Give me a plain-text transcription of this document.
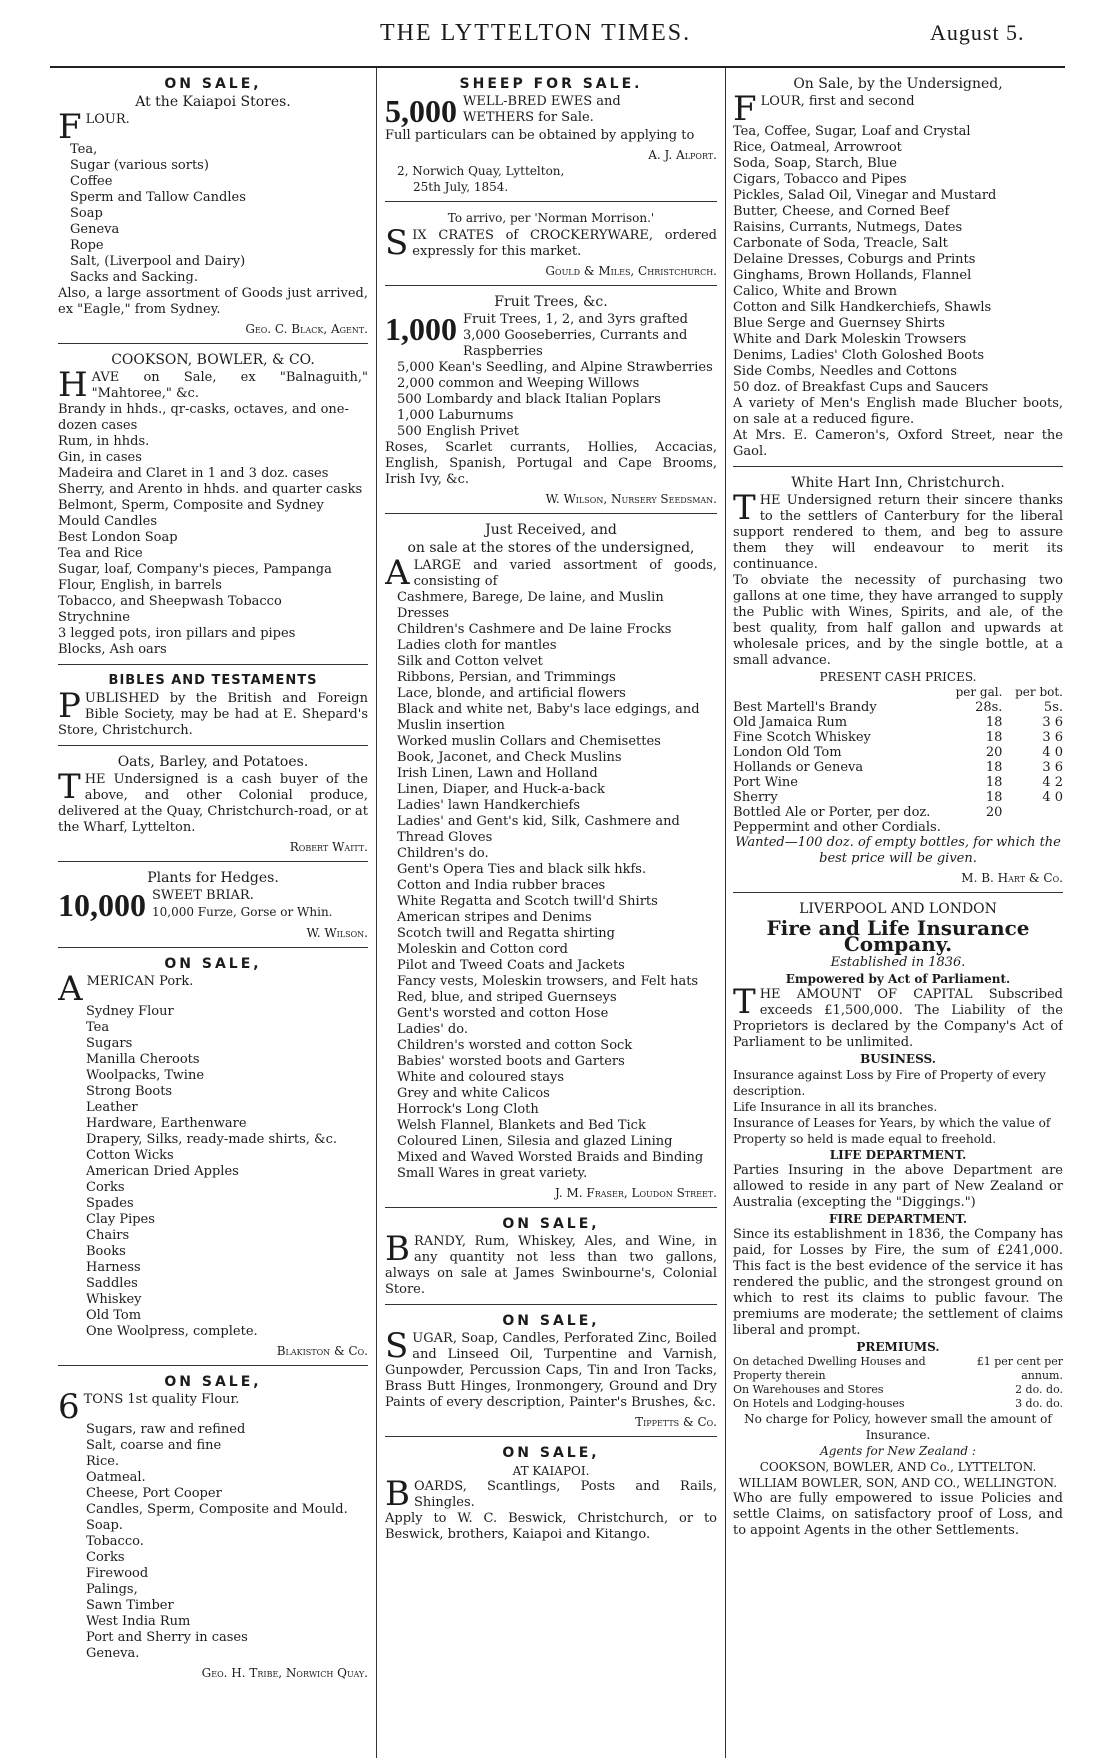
THE LYTTELTON TIMES.	August 5.
ON SALE,
At the Kaiapoi Stores.
FLOUR.
Tea,
Sugar (various sorts)
Coffee
Sperm and Tallow Candles
Soap
Geneva
Rope
Salt, (Liverpool and Dairy)
Sacks and Sacking.
Also, a large assortment of Goods just arrived, ex "Eagle," from Sydney.
Geo. C. Black, Agent.
COOKSON, BOWLER, & CO.
HAVE on Sale, ex "Balnaguith," "Mahtoree," &c.
Brandy in hhds., qr-casks, octaves, and one-dozen cases
Rum, in hhds.
Gin, in cases
Madeira and Claret in 1 and 3 doz. cases
Sherry, and Arento in hhds. and quarter casks
Belmont, Sperm, Composite and Sydney Mould Candles
Best London Soap
Tea and Rice
Sugar, loaf, Company's pieces, Pampanga
Flour, English, in barrels
Tobacco, and Sheepwash Tobacco
Strychnine
3 legged pots, iron pillars and pipes
Blocks, Ash oars
BIBLES AND TESTAMENTS
PUBLISHED by the British and Foreign Bible Society, may be had at E. Shepard's Store, Christchurch.
Oats, Barley, and Potatoes.
THE Undersigned is a cash buyer of the above, and other Colonial produce, delivered at the Quay, Christchurch-road, or at the Wharf, Lyttelton.
Robert Waitt.
Plants for Hedges.
10,000 SWEET BRIAR.
10,000 Furze, Gorse or Whin.
W. Wilson.
ON SALE,
AMERICAN Pork.
Sydney Flour
Tea
Sugars
Manilla Cheroots
Woolpacks, Twine
Strong Boots
Leather
Hardware, Earthenware
Drapery, Silks, ready-made shirts, &c.
Cotton Wicks
American Dried Apples
Corks
Spades
Clay Pipes
Chairs
Books
Harness
Saddles
Whiskey
Old Tom
One Woolpress, complete.
Blakiston & Co.
ON SALE,
6 TONS 1st quality Flour.
Sugars, raw and refined
Salt, coarse and fine
Rice.
Oatmeal.
Cheese, Port Cooper
Candles, Sperm, Composite and Mould.
Soap.
Tobacco.
Corks
Firewood
Palings,
Sawn Timber
West India Rum
Port and Sherry in cases
Geneva.
Geo. H. Tribe, Norwich Quay.
SHEEP FOR SALE.
5,000 WELL-BRED EWES and
WETHERS for Sale.
Full particulars can be obtained by applying to
A. J. Alport.
2, Norwich Quay, Lyttelton,
25th July, 1854.
To arrivo, per 'Norman Morrison.'
SIX CRATES of CROCKERYWARE, ordered expressly for this market.
Gould & Miles, Christchurch.
Fruit Trees, &c.
1,000 Fruit Trees, 1, 2, and 3yrs grafted
3,000 Gooseberries, Currants and Raspberries
5,000 Kean's Seedling, and Alpine Strawberries
2,000 common and Weeping Willows
500 Lombardy and black Italian Poplars
1,000 Laburnums
500 English Privet
Roses, Scarlet currants, Hollies, Accacias, English, Spanish, Portugal and Cape Brooms, Irish Ivy, &c.
W. Wilson, Nursery Seedsman.
Just Received, and
on sale at the stores of the undersigned,
ALARGE and varied assortment of goods, consisting of
Cashmere, Barege, De laine, and Muslin Dresses
Children's Cashmere and De laine Frocks
Ladies cloth for mantles
Silk and Cotton velvet
Ribbons, Persian, and Trimmings
Lace, blonde, and artificial flowers
Black and white net, Baby's lace edgings, and Muslin insertion
Worked muslin Collars and Chemisettes
Book, Jaconet, and Check Muslins
Irish Linen, Lawn and Holland
Linen, Diaper, and Huck-a-back
Ladies' lawn Handkerchiefs
Ladies' and Gent's kid, Silk, Cashmere and Thread Gloves
Children's do.
Gent's Opera Ties and black silk hkfs.
Cotton and India rubber braces
White Regatta and Scotch twill'd Shirts
American stripes and Denims
Scotch twill and Regatta shirting
Moleskin and Cotton cord
Pilot and Tweed Coats and Jackets
Fancy vests, Moleskin trowsers, and Felt hats
Red, blue, and striped Guernseys
Gent's worsted and cotton Hose
Ladies' do.
Children's worsted and cotton Sock
Babies' worsted boots and Garters
White and coloured stays
Grey and white Calicos
Horrock's Long Cloth
Welsh Flannel, Blankets and Bed Tick
Coloured Linen, Silesia and glazed Lining
Mixed and Waved Worsted Braids and Binding
Small Wares in great variety.
J. M. Fraser, Loudon Street.
ON SALE,
BRANDY, Rum, Whiskey, Ales, and Wine, in any quantity not less than two gallons, always on sale at James Swinbourne's, Colonial Store.
ON SALE,
SUGAR, Soap, Candles, Perforated Zinc, Boiled and Linseed Oil, Turpentine and Varnish, Gunpowder, Percussion Caps, Tin and Iron Tacks, Brass Butt Hinges, Ironmongery, Ground and Dry Paints of every description, Painter's Brushes, &c.
Tippetts & Co.
ON SALE,
AT KAIAPOI.
BOARDS, Scantlings, Posts and Rails, Shingles.
Apply to W. C. Beswick, Christchurch, or to Beswick, brothers, Kaiapoi and Kitango.
On Sale, by the Undersigned,
FLOUR, first and second
Tea, Coffee, Sugar, Loaf and Crystal
Rice, Oatmeal, Arrowroot
Soda, Soap, Starch, Blue
Cigars, Tobacco and Pipes
Pickles, Salad Oil, Vinegar and Mustard
Butter, Cheese, and Corned Beef
Raisins, Currants, Nutmegs, Dates
Carbonate of Soda, Treacle, Salt
Delaine Dresses, Coburgs and Prints
Ginghams, Brown Hollands, Flannel
Calico, White and Brown
Cotton and Silk Handkerchiefs, Shawls
Blue Serge and Guernsey Shirts
White and Dark Moleskin Trowsers
Denims, Ladies' Cloth Goloshed Boots
Side Combs, Needles and Cottons
50 doz. of Breakfast Cups and Saucers
A variety of Men's English made Blucher boots, on sale at a reduced figure.
At Mrs. E. Cameron's, Oxford Street, near the Gaol.
White Hart Inn, Christchurch.
THE Undersigned return their sincere thanks to the settlers of Canterbury for the liberal support rendered to them, and beg to assure them they will endeavour to merit its continuance.
To obviate the necessity of purchasing two gallons at one time, they have arranged to supply the Public with Wines, Spirits, and ale, of the best quality, from half gallon and upwards at wholesale prices, and by the single bottle, at a small advance.
PRESENT CASH PRICES.
	per gal.	per bot.
Best Martell's Brandy	28s.	5s.
Old Jamaica Rum	18	3 6
Fine Scotch Whiskey	18	3 6
London Old Tom	20	4 0
Hollands or Geneva	18	3 6
Port Wine	18	4 2
Sherry	18	4 0
Bottled Ale or Porter, per doz.	20	
Peppermint and other Cordials.		
Wanted—100 doz. of empty bottles, for which the best price will be given.
M. B. Hart & Co.
LIVERPOOL AND LONDON
Fire and Life Insurance Company.
Established in 1836.
Empowered by Act of Parliament.
THE AMOUNT OF CAPITAL Subscribed exceeds £1,500,000. The Liability of the Proprietors is declared by the Company's Act of Parliament to be unlimited.
BUSINESS.
Insurance against Loss by Fire of Property of every description.
Life Insurance in all its branches.
Insurance of Leases for Years, by which the value of Property so held is made equal to freehold.
LIFE DEPARTMENT.
Parties Insuring in the above Department are allowed to reside in any part of New Zealand or Australia (excepting the "Diggings.")
FIRE DEPARTMENT.
Since its establishment in 1836, the Company has paid, for Losses by Fire, the sum of £241,000. This fact is the best evidence of the service it has rendered the public, and the strongest ground on which to rest its claims to public favour. The premiums are moderate; the settlement of claims liberal and prompt.
PREMIUMS.
On detached Dwelling Houses and Property therein	£1 per cent per annum.
On Warehouses and Stores	2 do. do.
On Hotels and Lodging-houses	3 do. do.
No charge for Policy, however small the amount of Insurance.
Agents for New Zealand :
COOKSON, BOWLER, AND Co., LYTTELTON.
WILLIAM BOWLER, SON, AND CO., WELLINGTON.
Who are fully empowered to issue Policies and settle Claims, on satisfactory proof of Loss, and to appoint Agents in the other Settlements.
